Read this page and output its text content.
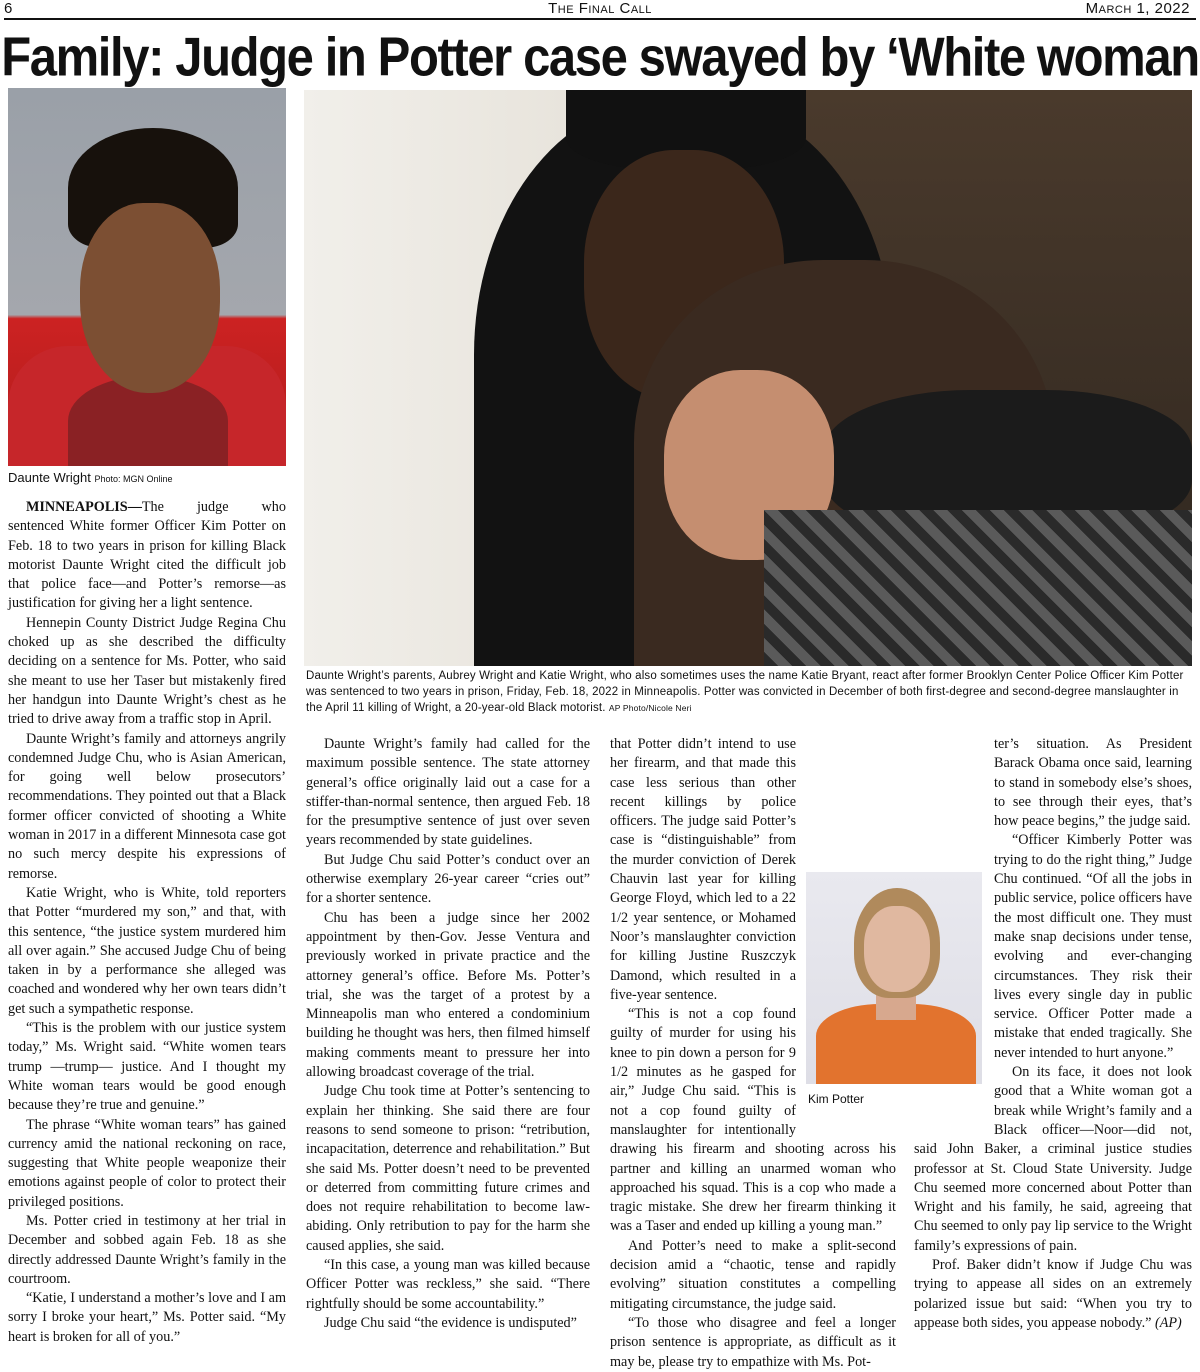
6	The Final Call	March 1, 2022
Family: Judge in Potter case swayed by ‘White woman
Daunte Wright Photo: MGN Online
Daunte Wright’s parents, Aubrey Wright and Katie Wright, who also sometimes uses the name Katie Bryant, react after former Brooklyn Center Police Officer Kim Potter was sentenced to two years in prison, Friday, Feb. 18, 2022 in Minneapolis. Potter was convicted in December of both first-degree and second-degree manslaughter in the April 11 killing of Wright, a 20-year-old Black motorist. AP Photo/Nicole Neri
Kim Potter

MINNEAPOLIS—The judge who sentenced White former Officer Kim Potter on Feb. 18 to two years in prison for killing Black motorist Daunte Wright cited the difficult job that police face—and Potter’s remorse—as justification for giving her a light sentence.

Hennepin County District Judge Regina Chu choked up as she described the difficulty deciding on a sentence for Ms. Potter, who said she meant to use her Taser but mistakenly fired her handgun into Daunte Wright’s chest as he tried to drive away from a traffic stop in April.

Daunte Wright’s family and attorneys angrily condemned Judge Chu, who is Asian American, for going well below prosecutors’ recommendations. They pointed out that a Black former officer convicted of shooting a White woman in 2017 in a different Minnesota case got no such mercy despite his expressions of remorse.

Katie Wright, who is White, told reporters that Potter “murdered my son,” and that, with this sentence, “the justice system murdered him all over again.” She accused Judge Chu of being taken in by a performance she alleged was coached and wondered why her own tears didn’t get such a sympathetic response.

“This is the problem with our justice system today,” Ms. Wright said. “White women tears trump —trump— justice. And I thought my White woman tears would be good enough because they’re true and genuine.”

The phrase “White woman tears” has gained currency amid the national reckoning on race, suggesting that White people weaponize their emotions against people of color to protect their privileged positions.

Ms. Potter cried in testimony at her trial in December and sobbed again Feb. 18 as she directly addressed Daunte Wright’s family in the courtroom.

“Katie, I understand a mother’s love and I am sorry I broke your heart,” Ms. Potter said. “My heart is broken for all of you.”

Daunte Wright’s family had called for the maximum possible sentence. The state attorney general’s office originally laid out a case for a stiffer-than-normal sentence, then argued Feb. 18 for the presumptive sentence of just over seven years recommended by state guidelines.

But Judge Chu said Potter’s conduct over an otherwise exemplary 26-year career “cries out” for a shorter sentence.

Chu has been a judge since her 2002 appointment by then-Gov. Jesse Ventura and previously worked in private practice and the attorney general’s office. Before Ms. Potter’s trial, she was the target of a protest by a Minneapolis man who entered a condominium building he thought was hers, then filmed himself making comments meant to pressure her into allowing broadcast coverage of the trial.

Judge Chu took time at Potter’s sentencing to explain her thinking. She said there are four reasons to send someone to prison: “retribution, incapacitation, deterrence and rehabilitation.” But she said Ms. Potter doesn’t need to be prevented or deterred from committing future crimes and does not require rehabilitation to become law-abiding. Only retribution to pay for the harm she caused applies, she said.

“In this case, a young man was killed because Officer Potter was reckless,” she said. “There rightfully should be some accountability.”

Judge Chu said “the evidence is undisputed”

that Potter didn’t intend to use her firearm, and that made this case less serious than other recent killings by police officers. The judge said Potter’s case is “distinguishable” from the murder conviction of Derek Chauvin last year for killing George Floyd, which led to a 22 1/2 year sentence, or Mohamed Noor’s manslaughter conviction for killing Justine Ruszczyk Damond, which resulted in a five-year sentence.

“This is not a cop found guilty of murder for using his knee to pin down a person for 9 1/2 minutes as he gasped for air,” Judge Chu said. “This is not a cop found guilty of manslaughter for intentionally drawing his firearm and shooting across his partner and killing an unarmed woman who approached his squad. This is a cop who made a tragic mistake. She drew her firearm thinking it was a Taser and ended up killing a young man.”

And Potter’s need to make a split-second decision amid a “chaotic, tense and rapidly evolving” situation constitutes a compelling mitigating circumstance, the judge said.

“To those who disagree and feel a longer prison sentence is appropriate, as difficult as it may be, please try to empathize with Ms. Pot-

ter’s situation. As President Barack Obama once said, learning to stand in somebody else’s shoes, to see through their eyes, that’s how peace begins,” the judge said.

“Officer Kimberly Potter was trying to do the right thing,” Judge Chu continued. “Of all the jobs in public service, police officers have the most difficult one. They must make snap decisions under tense, evolving and ever-changing circumstances. They risk their lives every single day in public service. Officer Potter made a mistake that ended tragically. She never intended to hurt anyone.”

On its face, it does not look good that a White woman got a break while Wright’s family and a Black officer—Noor—did not, said John Baker, a criminal justice studies professor at St. Cloud State University. Judge Chu seemed more concerned about Potter than Wright and his family, he said, agreeing that Chu seemed to only pay lip service to the Wright family’s expressions of pain.

Prof. Baker didn’t know if Judge Chu was trying to appease all sides on an extremely polarized issue but said: “When you try to appease both sides, you appease nobody.” (AP)
